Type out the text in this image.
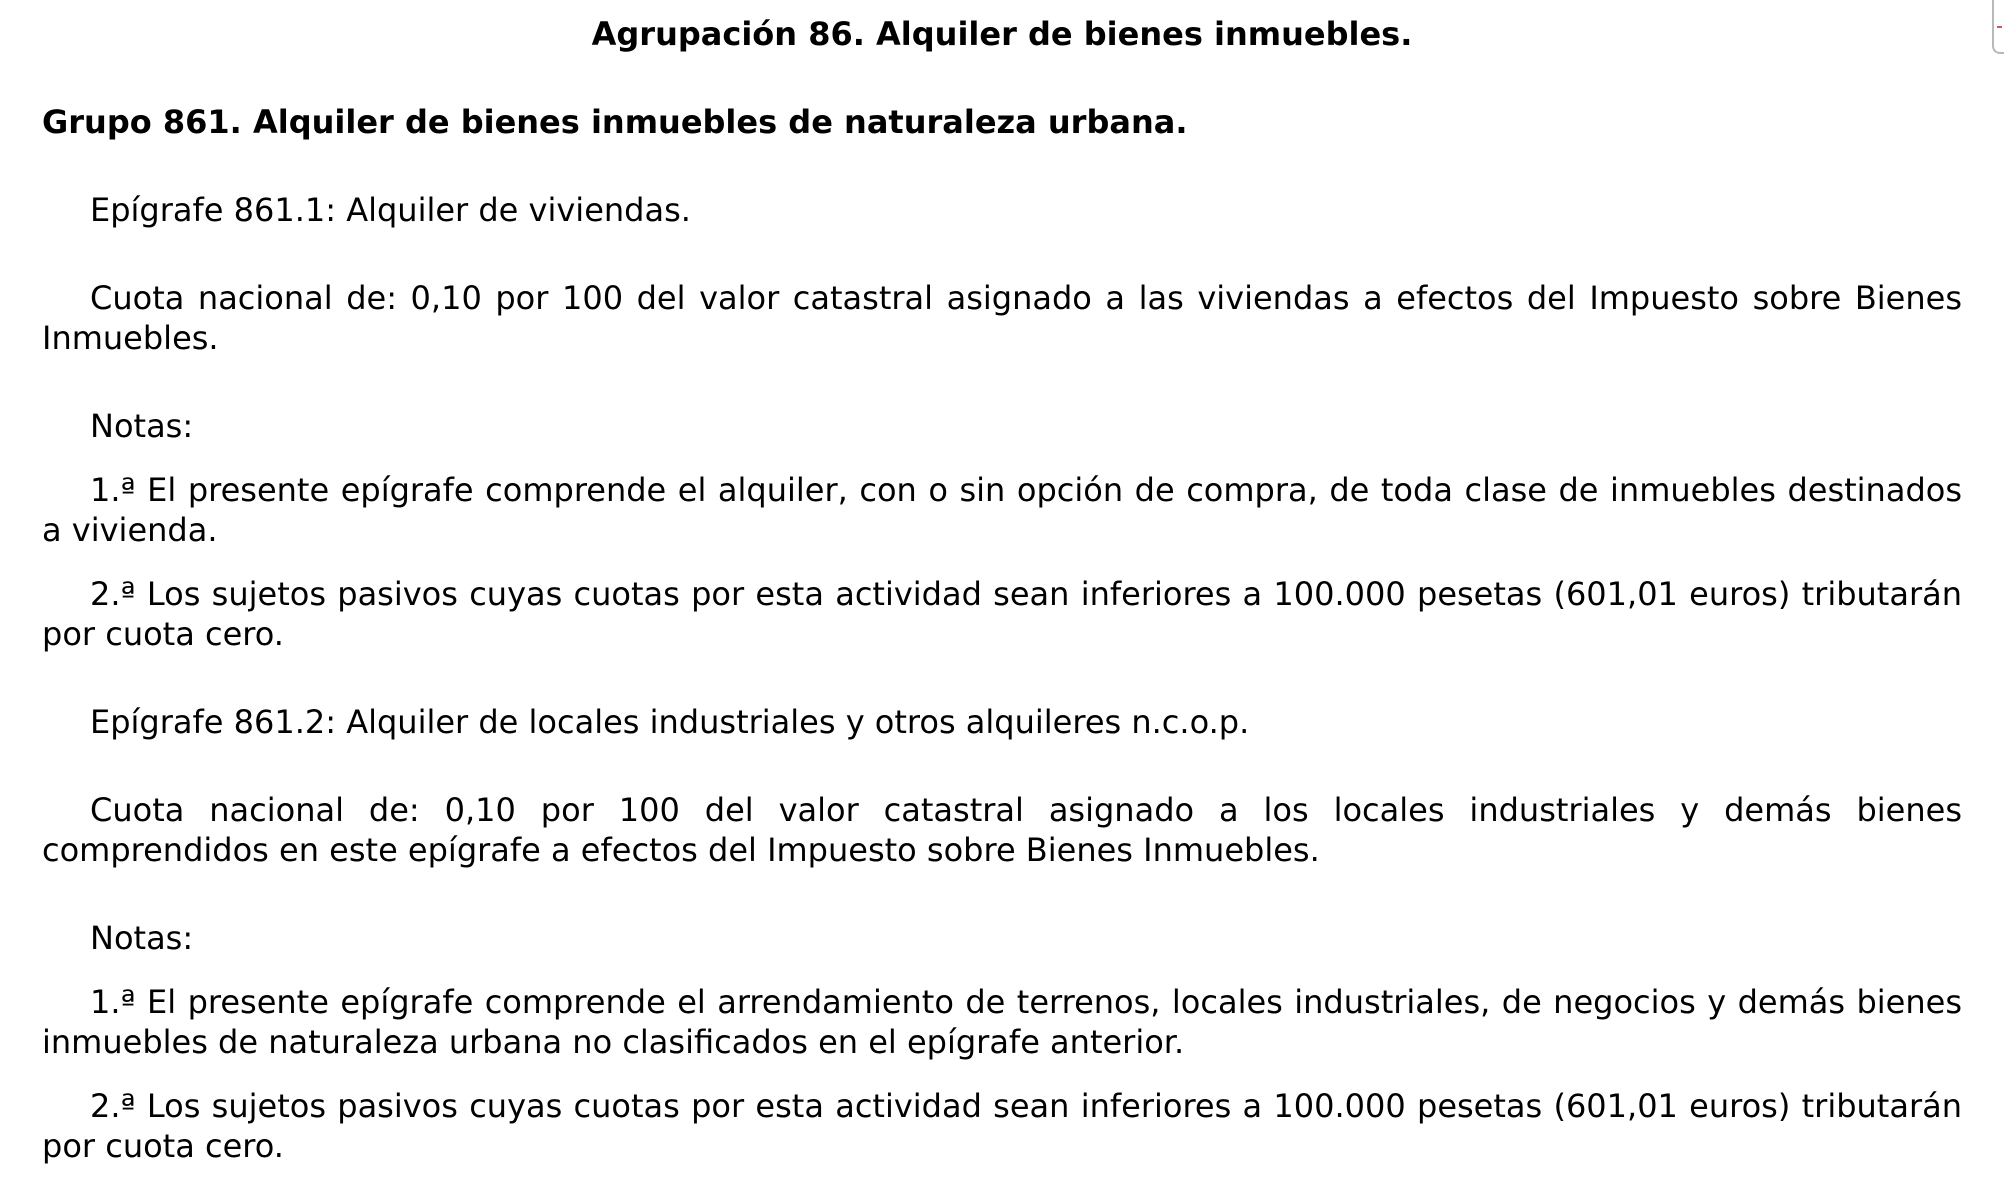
Agrupación 86. Alquiler de bienes inmuebles.
Grupo 861. Alquiler de bienes inmuebles de naturaleza urbana.
Epígrafe 861.1: Alquiler de viviendas.
Cuota nacional de: 0,10 por 100 del valor catastral asignado a las viviendas a efectos del Impuesto sobre Bienes Inmuebles.
Notas:
1.ª El presente epígrafe comprende el alquiler, con o sin opción de compra, de toda clase de inmuebles destinados a vivienda.
2.ª Los sujetos pasivos cuyas cuotas por esta actividad sean inferiores a 100.000 pesetas (601,01 euros) tributarán por cuota cero.
Epígrafe 861.2: Alquiler de locales industriales y otros alquileres n.c.o.p.
Cuota nacional de: 0,10 por 100 del valor catastral asignado a los locales industriales y demás bienes comprendidos en este epígrafe a efectos del Impuesto sobre Bienes Inmuebles.
Notas:
1.ª El presente epígrafe comprende el arrendamiento de terrenos, locales industriales, de negocios y demás bienes inmuebles de naturaleza urbana no clasificados en el epígrafe anterior.
2.ª Los sujetos pasivos cuyas cuotas por esta actividad sean inferiores a 100.000 pesetas (601,01 euros) tributarán por cuota cero.
